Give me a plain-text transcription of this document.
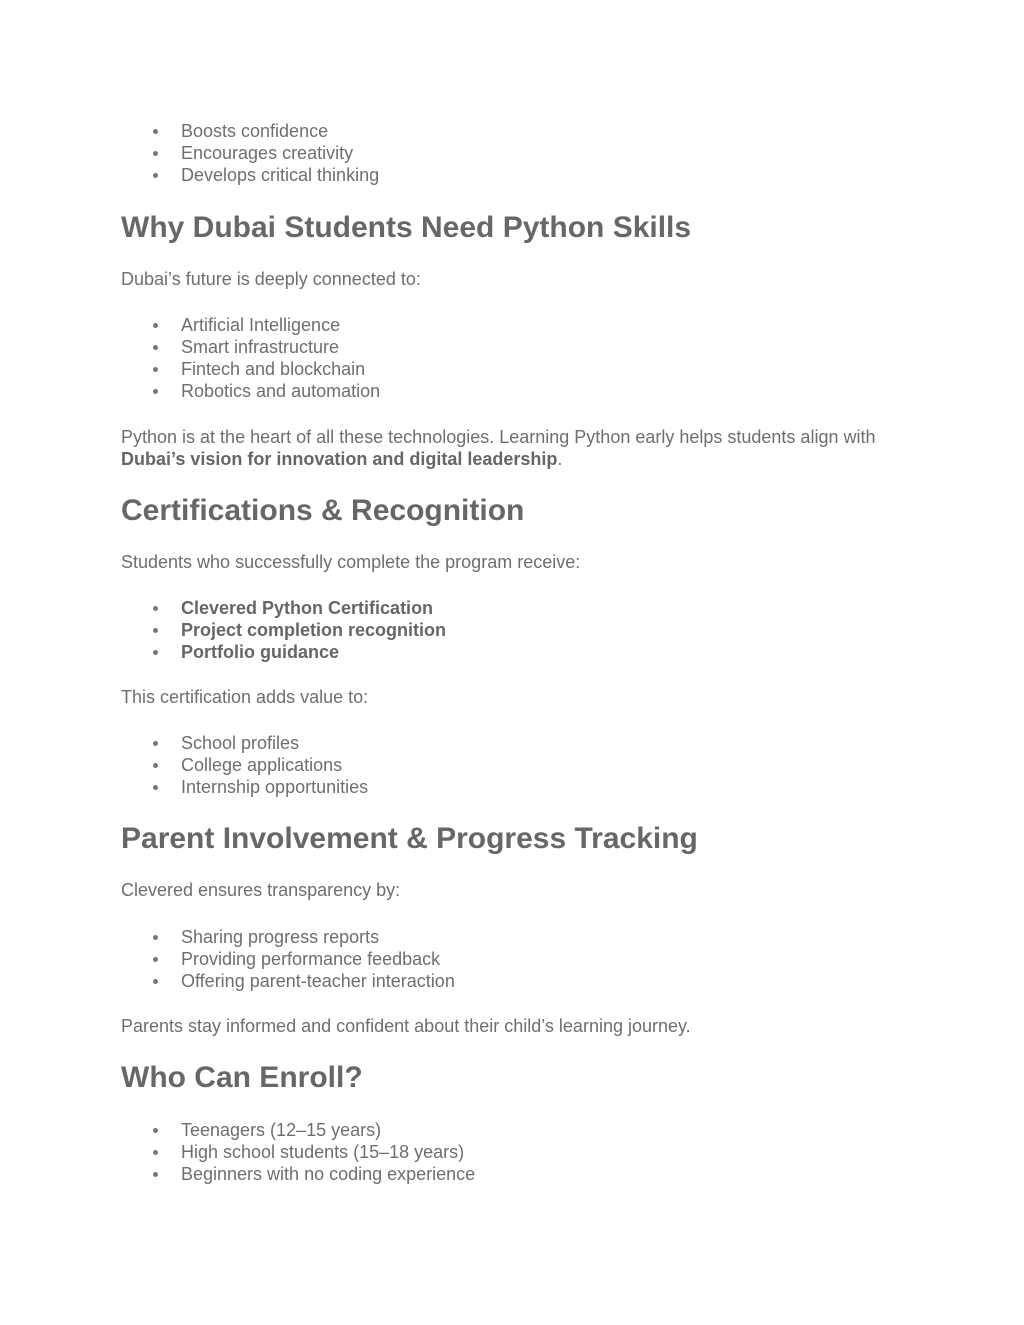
Boosts confidence
Encourages creativity
Develops critical thinking
Why Dubai Students Need Python Skills

Dubai’s future is deeply connected to:

Artificial Intelligence
Smart infrastructure
Fintech and blockchain
Robotics and automation

Python is at the heart of all these technologies. Learning Python early helps students align with Dubai’s vision for innovation and digital leadership.

Certifications & Recognition

Students who successfully complete the program receive:

Clevered Python Certification
Project completion recognition
Portfolio guidance

This certification adds value to:

School profiles
College applications
Internship opportunities
Parent Involvement & Progress Tracking

Clevered ensures transparency by:

Sharing progress reports
Providing performance feedback
Offering parent-teacher interaction

Parents stay informed and confident about their child’s learning journey.

Who Can Enroll?
Teenagers (12–15 years)
High school students (15–18 years)
Beginners with no coding experience
